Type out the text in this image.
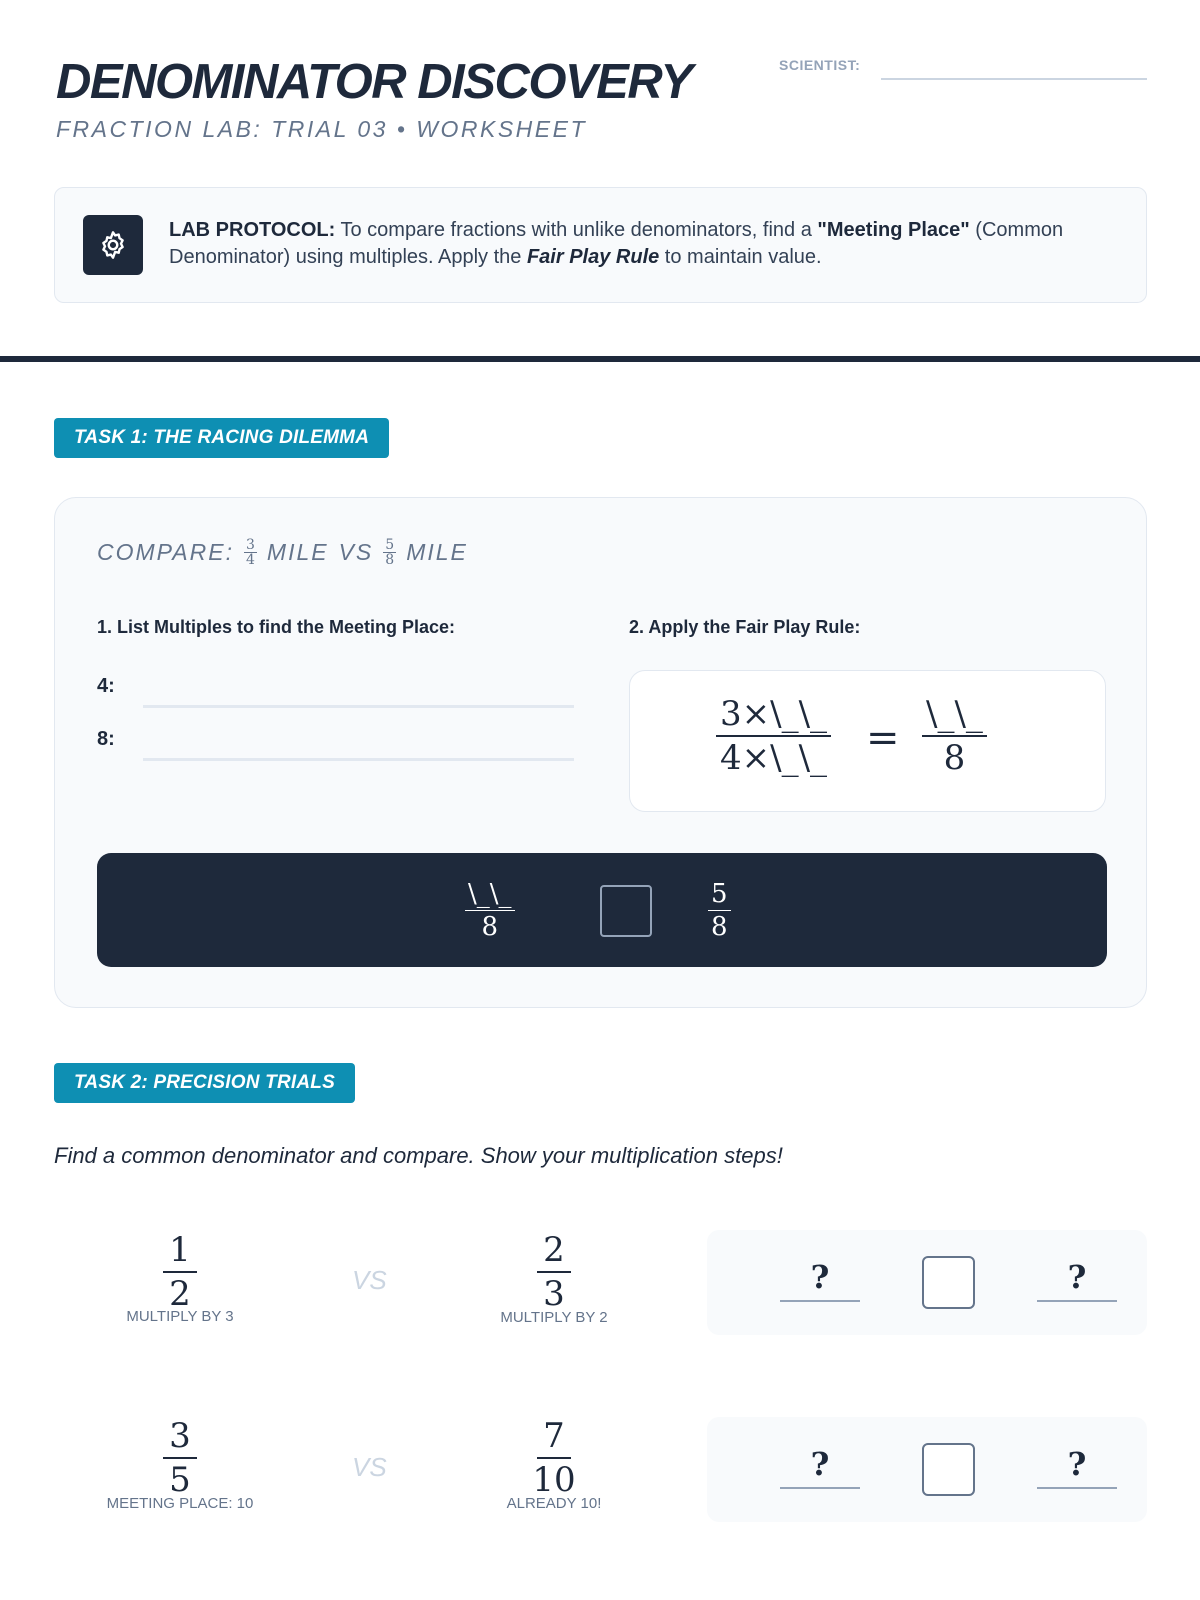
DENOMINATOR DISCOVERY	SCIENTIST:
FRACTION LAB: TRIAL 03 • WORKSHEET
LAB PROTOCOL: To compare fractions with unlike denominators, find a "Meeting Place" (Common Denominator) using multiples. Apply the Fair Play Rule to maintain value.
TASK 1: THE RACING DILEMMA
COMPARE: $\frac{3}{4}$ MILE VS $\frac{5}{8}$ MILE
1. List Multiples to find the Meeting Place:	2. Apply the Fair Play Rule:
4:
8:	$\frac{3\times\backslash\_\backslash\_}{4\times\backslash\_\backslash\_}$ =
\_\_
8
\_\_
8	$\frac{5}{8}$
TASK 2: PRECISION TRIALS
Find a common denominator and compare. Show your multiplication steps!
$\frac{1}{2}$
MULTIPLY BY 3
VS	$\frac{2}{3}$
MULTIPLY BY 2
?	?
$\frac{3}{5}$
MEETING PLACE: 10
VS	$\frac{7}{10}$
ALREADY 10!
?	?
